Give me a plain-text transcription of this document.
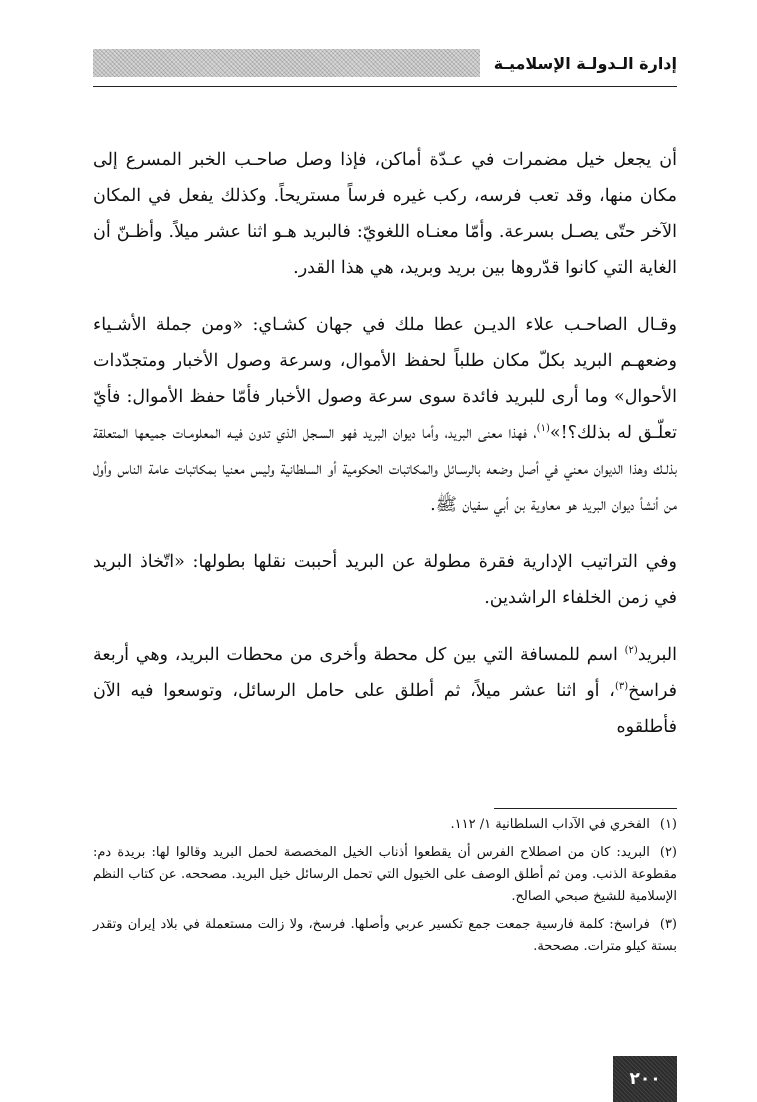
إدارة الـدولـة الإسلاميـة

أن يجعل خيل مضمرات في عـدّة أماكن، فإذا وصل صاحـب الخبر المسرع إلى مكان منها، وقد تعب فرسه، ركب غيره فرساً مستريحاً. وكذلك يفعل في المكان الآخر حتّى يصـل بسرعة. وأمّا معنـاه اللغويّ: فالبريد هـو اثنا عشر ميلاً. وأظـنّ أن الغاية التي كانوا قدّروها بين بريد وبريد، هي هذا القدر.

وقـال الصاحـب علاء الديـن عطا ملك في جهان كشـاي: «ومن جملة الأشـياء وضعهـم البريد بكلّ مكان طلباً لحفظ الأموال، وسرعة وصول الأخبار ومتجدّدات الأحوال» وما أرى للبريد فائدة سوى سرعة وصول الأخبار فأمّا حفظ الأموال: فأيّ تعلّـق له بذلك؟!»$^{(١)}$، فهذا معنى البريد، وأما ديوان البريد فهو السـجل الذي تدون فيـه المعلومـات جميعها المتعلقة بذلـك وهذا الديوان معني في أصل وضعه بالرسـائل والمكاتبات الحكومية أو السلطانية وليس معنيا بمكاتبات عامة الناس وأول من أنشأ ديوان البريد هو معاوية بن أبي سفيان ﷺ.

وفي التراتيب الإدارية فقرة مطولة عن البريد أحببت نقلها بطولها: «اتّخاذ البريد في زمن الخلفاء الراشدين.

البريد$^{(٢)}$ اسم للمسافة التي بين كل محطة وأخرى من محطات البريد، وهي أربعة فراسخ$^{(٣)}$، أو اثنا عشر ميلاً، ثم أطلق على حامل الرسائل، وتوسعوا فيه الآن فأطلقوه

(١)الفخري في الآداب السلطانية ١/ ١١٢.

(٢)البريد: كان من اصطلاح الفرس أن يقطعوا أذناب الخيل المخصصة لحمل البريد وقالوا لها: بريدة دم: مقطوعة الذنب. ومن ثم أطلق الوصف على الخيول التي تحمل الرسائل خيل البريد. مصححه. عن كتاب النظم الإسلامية للشيخ صبحي الصالح.

(٣)فراسخ: كلمة فارسية جمعت جمع تكسير عربي وأصلها. فرسخ، ولا زالت مستعملة في بلاد إيران وتقدر بستة كيلو مترات. مصححة.

٢٠٠
